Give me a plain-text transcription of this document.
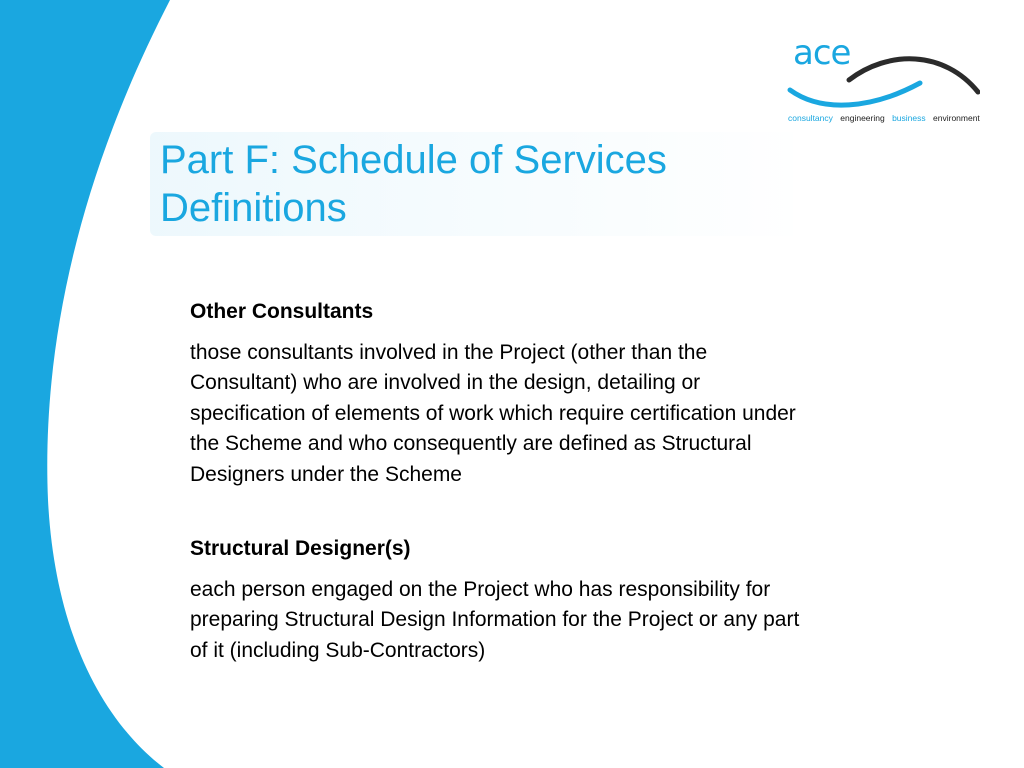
ace
consultancy engineering business environment
Part F: Schedule of Services
Definitions

Other Consultants

those consultants involved in the Project (other than the Consultant) who are involved in the design, detailing or specification of elements of work which require certification under the Scheme and who consequently are defined as Structural Designers under the Scheme

Structural Designer(s)

each person engaged on the Project who has responsibility for preparing Structural Design Information for the Project or any part of it (including Sub-Contractors)
